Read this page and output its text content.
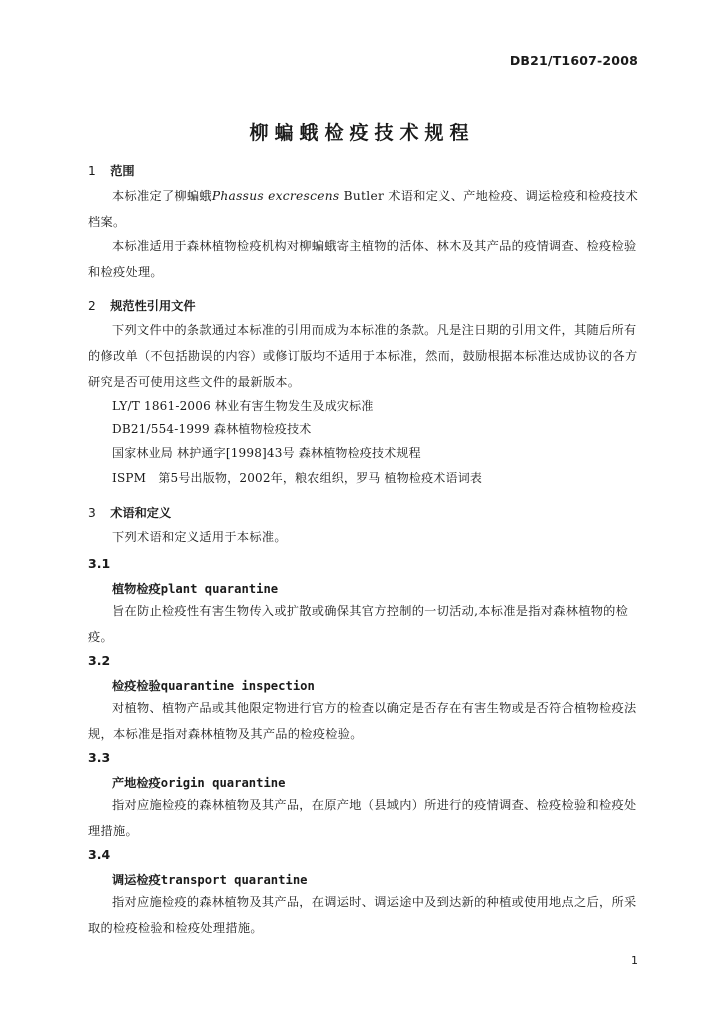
DB21/T1607-2008
柳蝙蛾检疫技术规程
1 范围
本标准定了柳蝙蛾Phassus excrescens Butler 术语和定义、产地检疫、调运检疫和检疫技术档案。
本标准适用于森林植物检疫机构对柳蝙蛾寄主植物的活体、林木及其产品的疫情调查、检疫检验和检疫处理。
2 规范性引用文件
下列文件中的条款通过本标准的引用而成为本标准的条款。凡是注日期的引用文件，其随后所有的修改单（不包括勘误的内容）或修订版均不适用于本标准，然而，鼓励根据本标准达成协议的各方研究是否可使用这些文件的最新版本。
LY/T 1861-2006 林业有害生物发生及成灾标准
DB21/554-1999 森林植物检疫技术
国家林业局 林护通字[1998]43号 森林植物检疫技术规程
ISPM　第5号出版物，2002年，粮农组织，罗马 植物检疫术语词表
3 术语和定义
下列术语和定义适用于本标准。
3.1
植物检疫plant quarantine
旨在防止检疫性有害生物传入或扩散或确保其官方控制的一切活动,本标准是指对森林植物的检疫。
3.2
检疫检验quarantine inspection
对植物、植物产品或其他限定物进行官方的检查以确定是否存在有害生物或是否符合植物检疫法规，本标准是指对森林植物及其产品的检疫检验。
3.3
产地检疫origin quarantine
指对应施检疫的森林植物及其产品，在原产地（县域内）所进行的疫情调查、检疫检验和检疫处理措施。
3.4
调运检疫transport quarantine
指对应施检疫的森林植物及其产品，在调运时、调运途中及到达新的种植或使用地点之后，所采取的检疫检验和检疫处理措施。
1
